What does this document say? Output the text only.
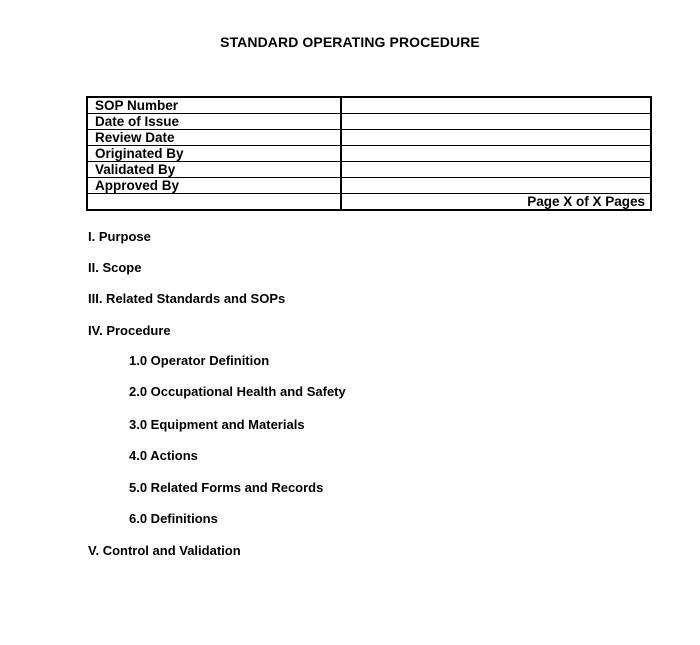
STANDARD OPERATING PROCEDURE
SOP Number	
Date of Issue	
Review Date	
Originated By	
Validated By	
Approved By	
	Page X of X Pages
I. Purpose
II. Scope
III. Related Standards and SOPs
IV. Procedure
1.0 Operator Definition
2.0 Occupational Health and Safety
3.0 Equipment and Materials
4.0 Actions
5.0 Related Forms and Records
6.0 Definitions
V. Control and Validation
